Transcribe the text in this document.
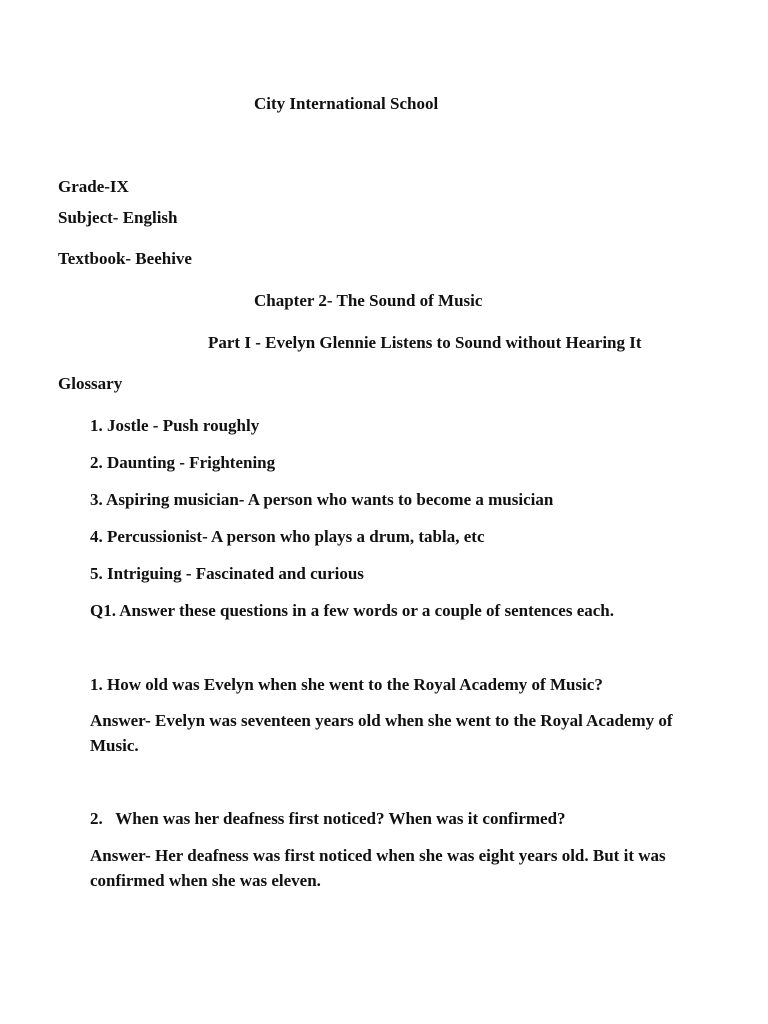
City International School
Grade-IX
Subject- English
Textbook- Beehive
Chapter 2- The Sound of Music
Part I - Evelyn Glennie Listens to Sound without Hearing It
Glossary
1. Jostle - Push roughly
2. Daunting - Frightening
3. Aspiring musician- A person who wants to become a musician
4. Percussionist- A person who plays a drum, tabla, etc
5. Intriguing - Fascinated and curious
Q1. Answer these questions in a few words or a couple of sentences each.
1. How old was Evelyn when she went to the Royal Academy of Music?
Answer- Evelyn was seventeen years old when she went to the Royal Academy of Music.
2.   When was her deafness first noticed? When was it confirmed?
Answer- Her deafness was first noticed when she was eight years old. But it was confirmed when she was eleven.
